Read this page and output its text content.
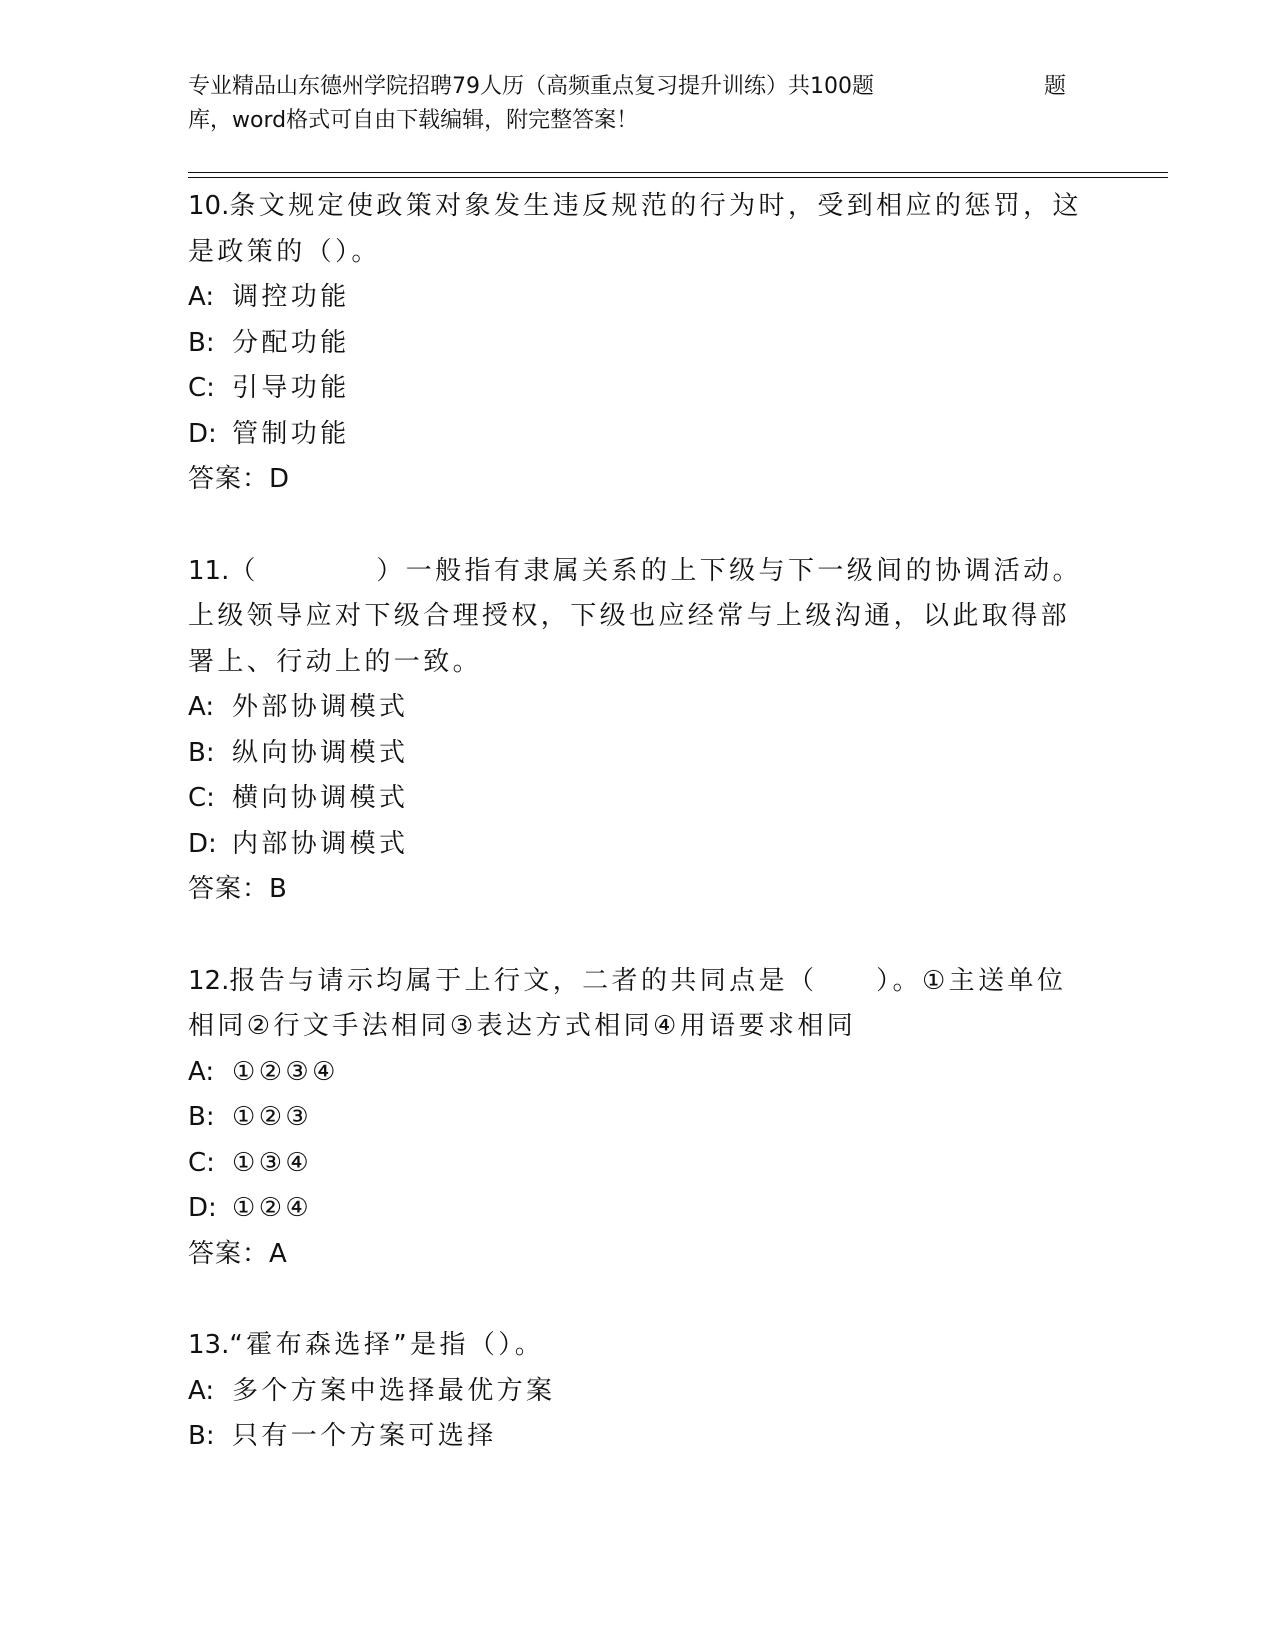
专业精品山东德州学院招聘79人历（高频重点复习提升训练）共100题	题
库，word格式可自由下载编辑，附完整答案！
10.条文规定使政策对象发生违反规范的行为时，受到相应的惩罚，这
是政策的（）。
A: 调控功能
B: 分配功能
C: 引导功能
D: 管制功能
答案：D
11.（　　　　）一般指有隶属关系的上下级与下一级间的协调活动。
上级领导应对下级合理授权，下级也应经常与上级沟通，以此取得部
署上、行动上的一致。
A: 外部协调模式
B: 纵向协调模式
C: 横向协调模式
D: 内部协调模式
答案：B
12.报告与请示均属于上行文，二者的共同点是（　　）。①主送单位
相同②行文手法相同③表达方式相同④用语要求相同
A: ①②③④
B: ①②③
C: ①③④
D: ①②④
答案：A
13.“霍布森选择”是指（）。
A: 多个方案中选择最优方案
B: 只有一个方案可选择
